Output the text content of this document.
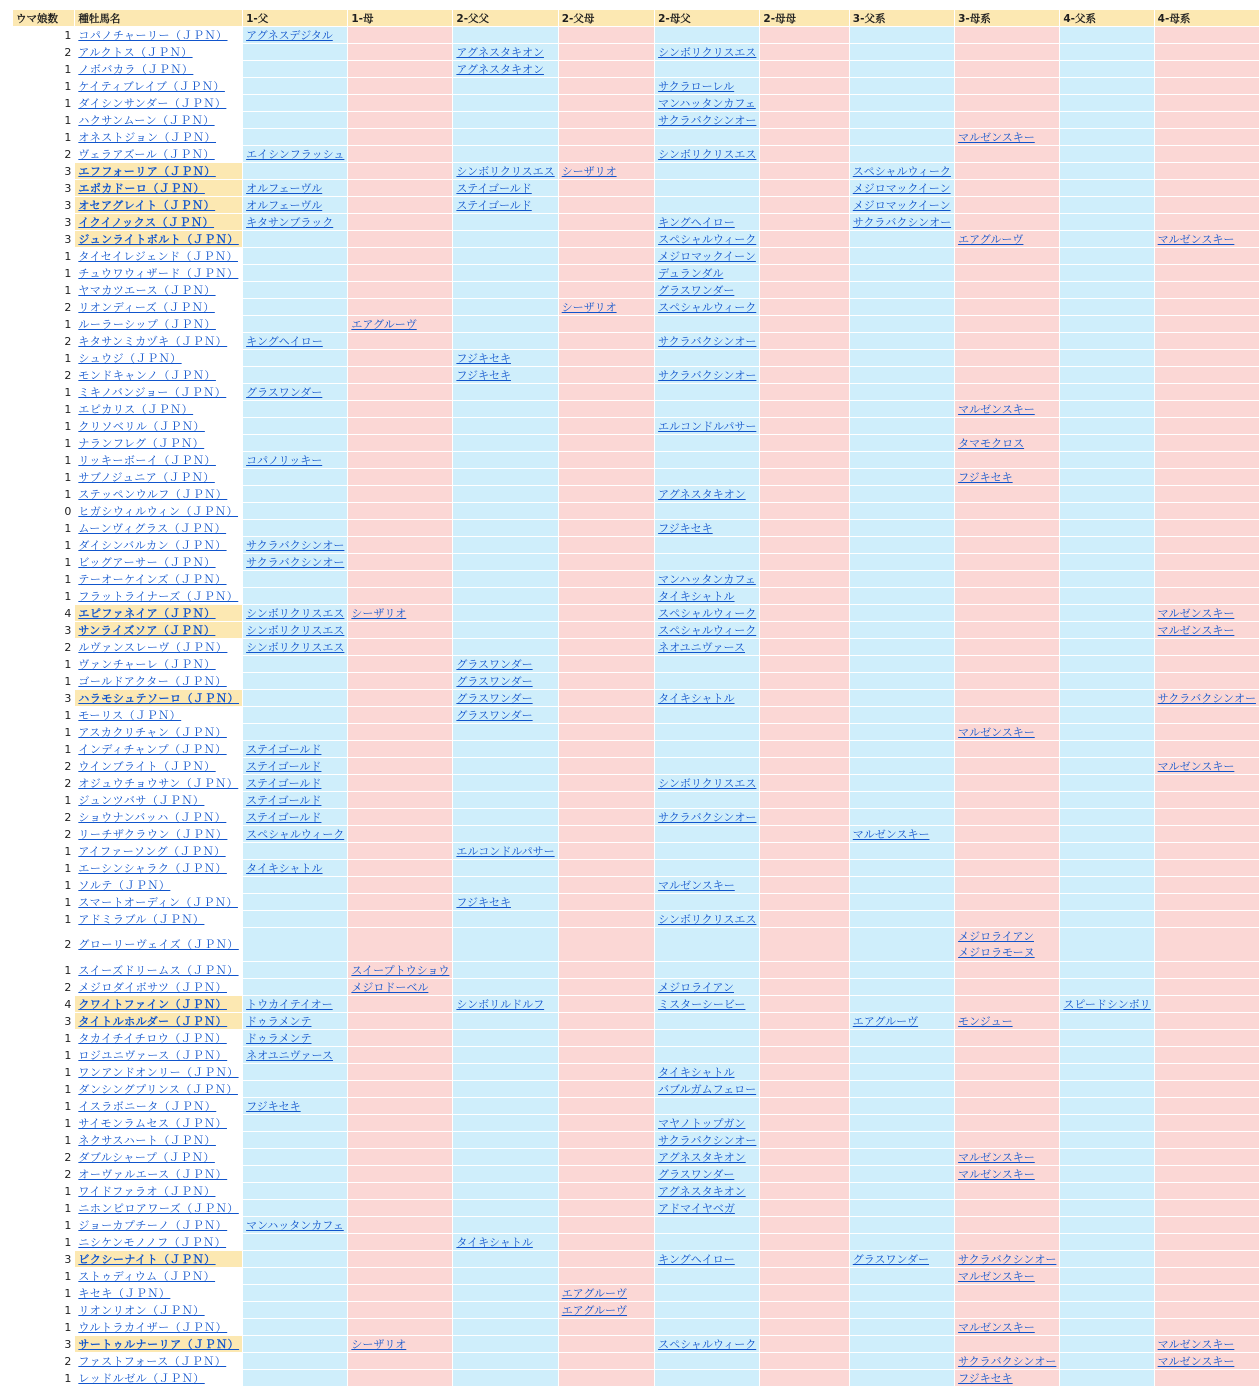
ウマ娘数	種牡馬名	1-父	1-母	2-父父	2-父母	2-母父	2-母母	3-父系	3-母系	4-父系	4-母系
1	コパノチャーリー（ＪＰＮ）	アグネスデジタル									
2	アルクトス（ＪＰＮ）			アグネスタキオン		シンボリクリスエス					
1	ノボバカラ（ＪＰＮ）			アグネスタキオン							
1	ケイティブレイブ（ＪＰＮ）					サクラローレル					
1	ダイシンサンダー（ＪＰＮ）					マンハッタンカフェ					
1	ハクサンムーン（ＪＰＮ）					サクラバクシンオー					
1	オネストジョン（ＪＰＮ）								マルゼンスキー		
2	ヴェラアズール（ＪＰＮ）	エイシンフラッシュ				シンボリクリスエス					
3	エフフォーリア（ＪＰＮ）			シンボリクリスエス	シーザリオ			スペシャルウィーク			
3	エポカドーロ（ＪＰＮ）	オルフェーヴル		ステイゴールド				メジロマックイーン			
3	オセアグレイト（ＪＰＮ）	オルフェーヴル		ステイゴールド				メジロマックイーン			
3	イクイノックス（ＪＰＮ）	キタサンブラック				キングヘイロー		サクラバクシンオー			
3	ジュンライトボルト（ＪＰＮ）					スペシャルウィーク			エアグルーヴ		マルゼンスキー
1	タイセイレジェンド（ＪＰＮ）					メジロマックイーン					
1	チュウワウィザード（ＪＰＮ）					デュランダル					
1	ヤマカツエース（ＪＰＮ）					グラスワンダー					
2	リオンディーズ（ＪＰＮ）				シーザリオ	スペシャルウィーク					
1	ルーラーシップ（ＪＰＮ）		エアグルーヴ								
2	キタサンミカヅキ（ＪＰＮ）	キングヘイロー				サクラバクシンオー					
1	シュウジ（ＪＰＮ）			フジキセキ							
2	モンドキャンノ（ＪＰＮ）			フジキセキ		サクラバクシンオー					
1	ミキノバンジョー（ＪＰＮ）	グラスワンダー									
1	エピカリス（ＪＰＮ）								マルゼンスキー		
1	クリソベリル（ＪＰＮ）					エルコンドルパサー					
1	ナランフレグ（ＪＰＮ）								タマモクロス		
1	リッキーボーイ（ＪＰＮ）	コパノリッキー									
1	サブノジュニア（ＪＰＮ）								フジキセキ		
1	ステッペンウルフ（ＪＰＮ）					アグネスタキオン					
0	ヒガシウィルウィン（ＪＰＮ）										
1	ムーンヴィグラス（ＪＰＮ）					フジキセキ					
1	ダイシンバルカン（ＪＰＮ）	サクラバクシンオー									
1	ビッグアーサー（ＪＰＮ）	サクラバクシンオー									
1	テーオーケインズ（ＪＰＮ）					マンハッタンカフェ					
1	フラットライナーズ（ＪＰＮ）					タイキシャトル					
4	エピファネイア（ＪＰＮ）	シンボリクリスエス	シーザリオ			スペシャルウィーク					マルゼンスキー
3	サンライズソア（ＪＰＮ）	シンボリクリスエス				スペシャルウィーク					マルゼンスキー
2	ルヴァンスレーヴ（ＪＰＮ）	シンボリクリスエス				ネオユニヴァース					
1	ヴァンチャーレ（ＪＰＮ）			グラスワンダー							
1	ゴールドアクター（ＪＰＮ）			グラスワンダー							
3	ハラモシュテソーロ（ＪＰＮ）			グラスワンダー		タイキシャトル					サクラバクシンオー
1	モーリス（ＪＰＮ）			グラスワンダー							
1	アスカクリチャン（ＪＰＮ）								マルゼンスキー		
1	インディチャンプ（ＪＰＮ）	ステイゴールド									
2	ウインブライト（ＪＰＮ）	ステイゴールド									マルゼンスキー
2	オジュウチョウサン（ＪＰＮ）	ステイゴールド				シンボリクリスエス					
1	ジュンツバサ（ＪＰＮ）	ステイゴールド									
2	ショウナンバッハ（ＪＰＮ）	ステイゴールド				サクラバクシンオー					
2	リーチザクラウン（ＪＰＮ）	スペシャルウィーク						マルゼンスキー			
1	アイファーソング（ＪＰＮ）			エルコンドルパサー							
1	エーシンシャラク（ＪＰＮ）	タイキシャトル									
1	ソルテ（ＪＰＮ）					マルゼンスキー					
1	スマートオーディン（ＪＰＮ）			フジキセキ							
1	アドミラブル（ＪＰＮ）					シンボリクリスエス					
2	グローリーヴェイズ（ＪＰＮ）								メジロライアン
メジロラモーヌ		

1	スイーズドリームス（ＪＰＮ）		スイープトウショウ								
2	メジロダイボサツ（ＪＰＮ）		メジロドーベル			メジロライアン					
4	クワイトファイン（ＪＰＮ）	トウカイテイオー		シンボリルドルフ		ミスターシービー				スピードシンボリ	
3	タイトルホルダー（ＪＰＮ）	ドゥラメンテ						エアグルーヴ	モンジュー		
1	タカイチイチロウ（ＪＰＮ）	ドゥラメンテ									
1	ロジユニヴァース（ＪＰＮ）	ネオユニヴァース									
1	ワンアンドオンリー（ＪＰＮ）					タイキシャトル					
1	ダンシングプリンス（ＪＰＮ）					バブルガムフェロー					
1	イスラボニータ（ＪＰＮ）	フジキセキ									
1	サイモンラムセス（ＪＰＮ）					マヤノトップガン					
1	ネクサスハート（ＪＰＮ）					サクラバクシンオー					
2	ダブルシャープ（ＪＰＮ）					アグネスタキオン			マルゼンスキー		
2	オーヴァルエース（ＪＰＮ）					グラスワンダー			マルゼンスキー		
1	ワイドファラオ（ＪＰＮ）					アグネスタキオン					
1	ニホンピロアワーズ（ＪＰＮ）					アドマイヤベガ					
1	ジョーカプチーノ（ＪＰＮ）	マンハッタンカフェ									
1	ニシケンモノノフ（ＪＰＮ）			タイキシャトル							
3	ビクシーナイト（ＪＰＮ）					キングヘイロー		グラスワンダー	サクラバクシンオー		
1	ストゥディウム（ＪＰＮ）								マルゼンスキー		
1	キセキ（ＪＰＮ）				エアグルーヴ						
1	リオンリオン（ＪＰＮ）				エアグルーヴ						
1	ウルトラカイザー（ＪＰＮ）								マルゼンスキー		
3	サートゥルナーリア（ＪＰＮ）		シーザリオ			スペシャルウィーク					マルゼンスキー
2	ファストフォース（ＪＰＮ）								サクラバクシンオー		マルゼンスキー
1	レッドルゼル（ＪＰＮ）								フジキセキ		
